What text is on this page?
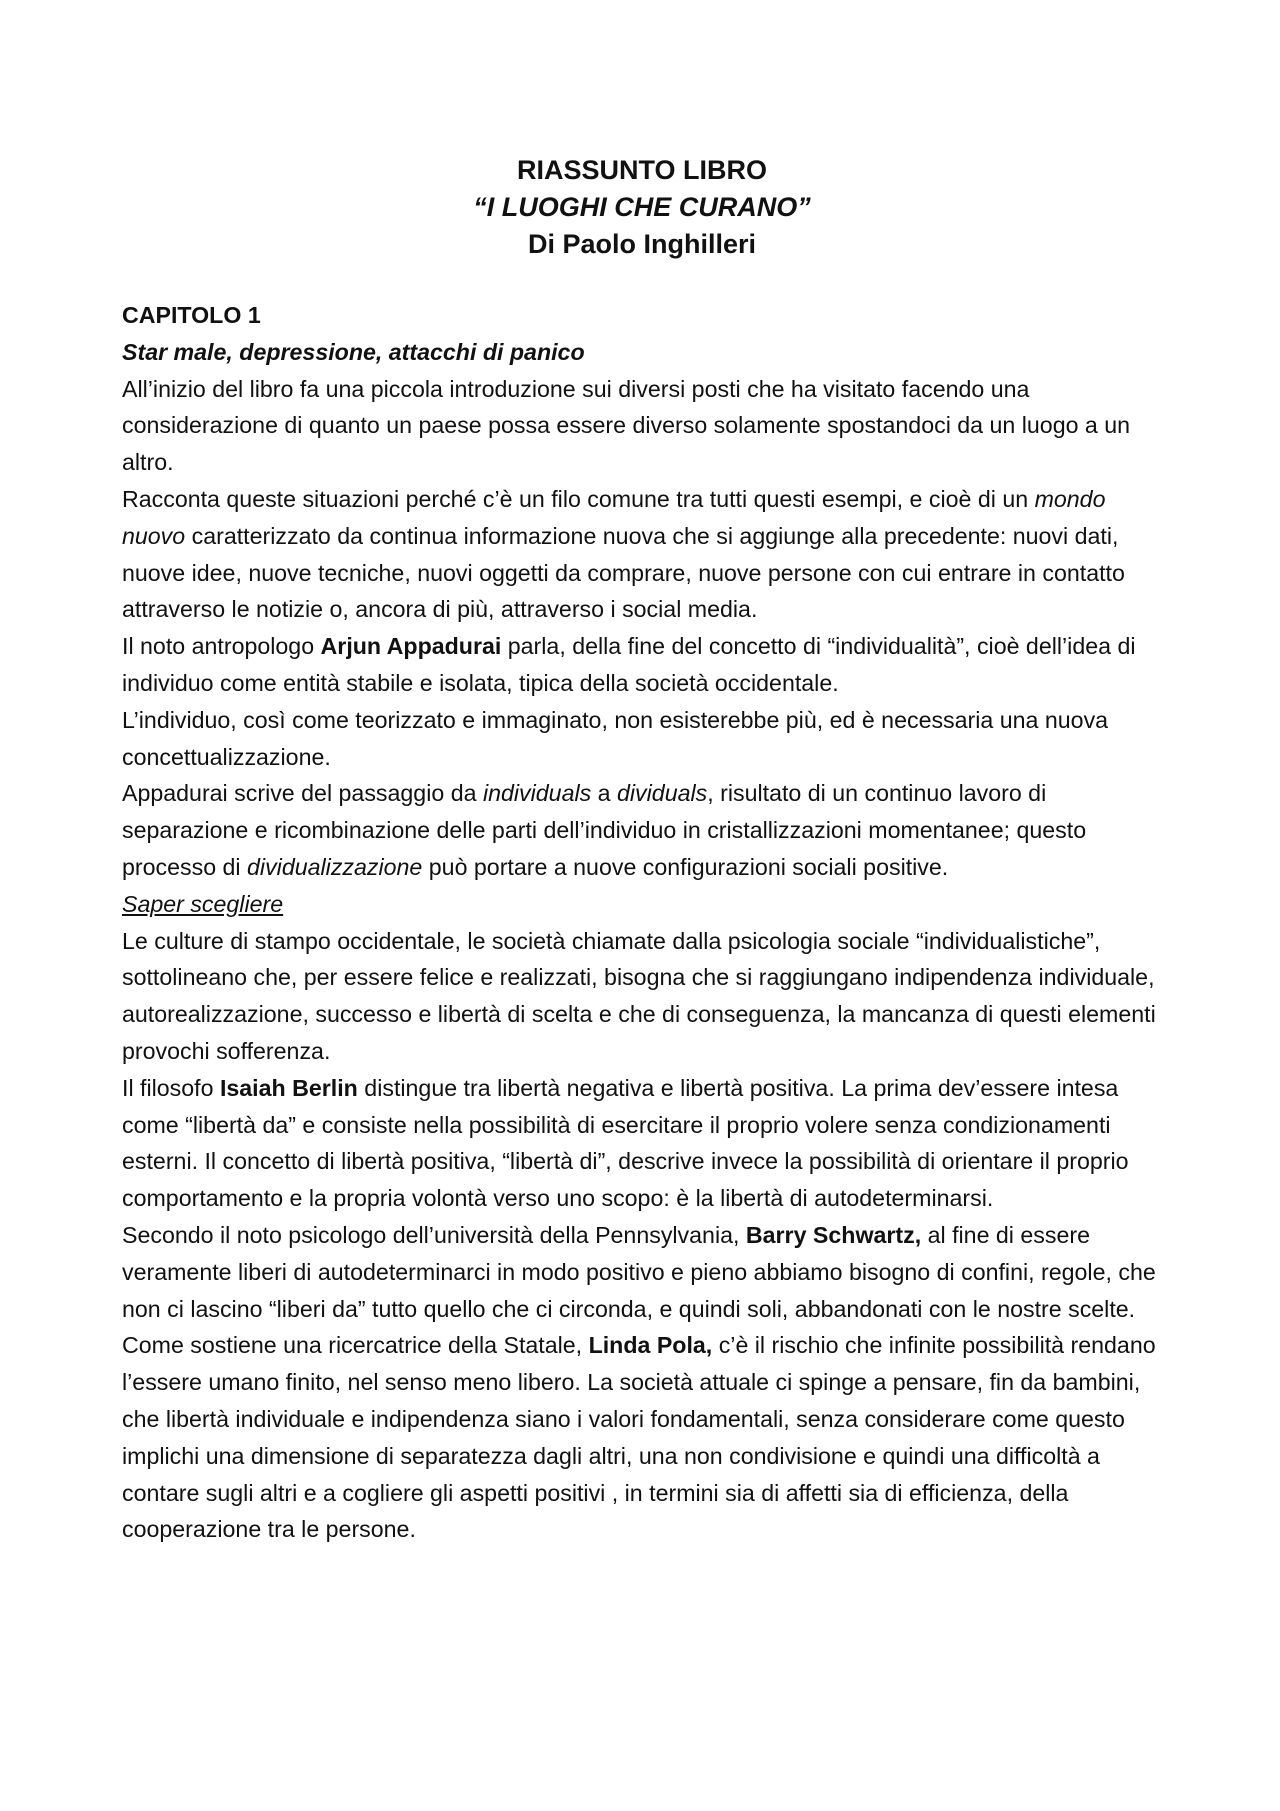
RIASSUNTO LIBRO
“I LUOGHI CHE CURANO”
Di Paolo Inghilleri

CAPITOLO 1

Star male, depressione, attacchi di panico

All’inizio del libro fa una piccola introduzione sui diversi posti che ha visitato facendo una considerazione di quanto un paese possa essere diverso solamente spostandoci da un luogo a un altro.

Racconta queste situazioni perché c’è un filo comune tra tutti questi esempi, e cioè di un mondo nuovo caratterizzato da continua informazione nuova che si aggiunge alla precedente: nuovi dati, nuove idee, nuove tecniche, nuovi oggetti da comprare, nuove persone con cui entrare in contatto attraverso le notizie o, ancora di più, attraverso i social media.

Il noto antropologo Arjun Appadurai parla, della fine del concetto di “individualità”, cioè dell’idea di individuo come entità stabile e isolata, tipica della società occidentale.

L’individuo, così come teorizzato e immaginato, non esisterebbe più, ed è necessaria una nuova concettualizzazione.

Appadurai scrive del passaggio da individuals a dividuals, risultato di un continuo lavoro di separazione e ricombinazione delle parti dell’individuo in cristallizzazioni momentanee; questo processo di dividualizzazione può portare a nuove configurazioni sociali positive.

Saper scegliere

Le culture di stampo occidentale, le società chiamate dalla psicologia sociale “individualistiche”, sottolineano che, per essere felice e realizzati, bisogna che si raggiungano indipendenza individuale, autorealizzazione, successo e libertà di scelta e che di conseguenza, la mancanza di questi elementi provochi sofferenza.

Il filosofo Isaiah Berlin distingue tra libertà negativa e libertà positiva. La prima dev’essere intesa come “libertà da” e consiste nella possibilità di esercitare il proprio volere senza condizionamenti esterni. Il concetto di libertà positiva, “libertà di”, descrive invece la possibilità di orientare il proprio comportamento e la propria volontà verso uno scopo: è la libertà di autodeterminarsi.

Secondo il noto psicologo dell’università della Pennsylvania, Barry Schwartz, al fine di essere veramente liberi di autodeterminarci in modo positivo e pieno abbiamo bisogno di confini, regole, che non ci lascino “liberi da” tutto quello che ci circonda, e quindi soli, abbandonati con le nostre scelte.

Come sostiene una ricercatrice della Statale, Linda Pola, c’è il rischio che infinite possibilità rendano l’essere umano finito, nel senso meno libero. La società attuale ci spinge a pensare, fin da bambini, che libertà individuale e indipendenza siano i valori fondamentali, senza considerare come questo implichi una dimensione di separatezza dagli altri, una non condivisione e quindi una difficoltà a contare sugli altri e a cogliere gli aspetti positivi , in termini sia di affetti sia di efficienza, della cooperazione tra le persone.
